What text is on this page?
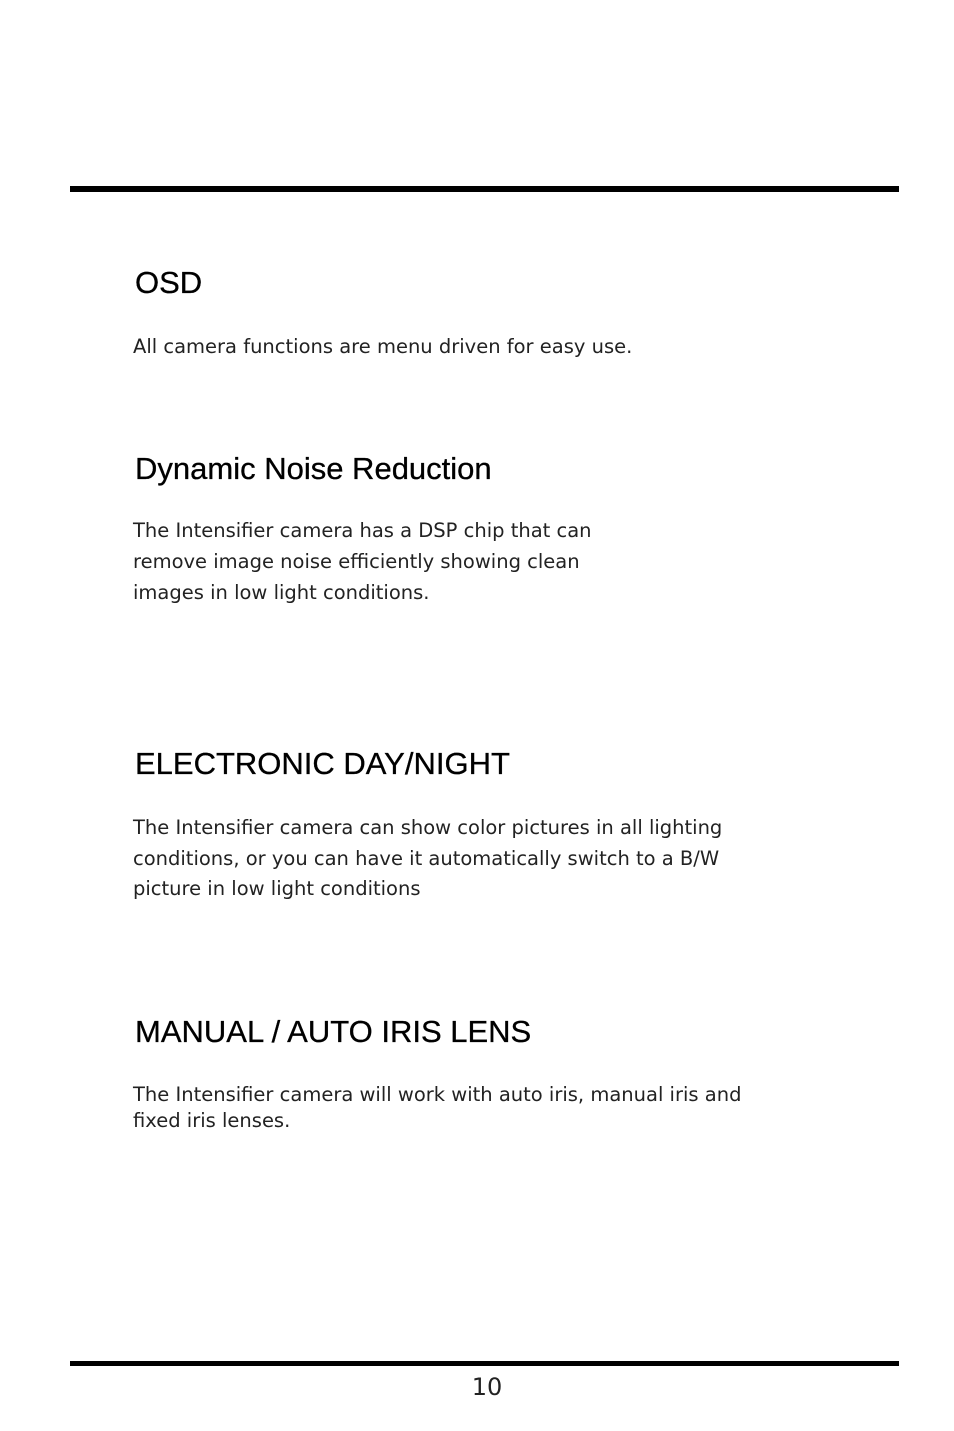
OSD

All camera functions are menu driven for easy use.

Dynamic Noise Reduction

The Intensifier camera has a DSP chip that can
remove image noise efficiently showing clean
images in low light conditions.

ELECTRONIC DAY/NIGHT

The Intensifier camera can show color pictures in all lighting
conditions, or you can have it automatically switch to a B/W
picture in low light conditions

MANUAL / AUTO IRIS LENS

The Intensifier camera will work with auto iris, manual iris and
fixed iris lenses.

10
